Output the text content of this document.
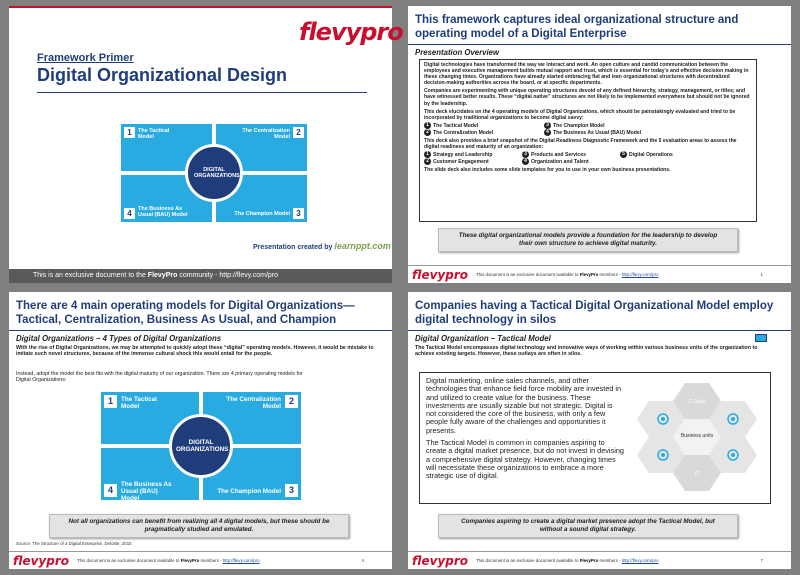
flevypro
Framework Primer
Digital Organizational Design
1	The Tactical Model	2
The Centralization Model
4	The Business As Usual (BAU) Model	3
The Champion Model
DIGITAL ORGANIZATIONS
Presentation created by learnppt.com
This is an exclusive document to the FlevyPro community - http://flevy.com/pro
This framework captures ideal organizational structure and operating model of a Digital Enterprise
Presentation Overview

Digital technologies have transformed the way we interact and work. An open culture and candid communication between the employees and executive management builds mutual rapport and trust, which is essential for today's and effective decision making in these changing times. Organizations have already started embracing flat and lean organizational structures with decentralized decision-making authorities across the board, or at specific departments.

Companies are experimenting with unique operating structures devoid of any defined hierarchy, strategy, management, or titles; and have witnessed better results. These “digital native” structures are not likely to be implemented everywhere but should not be ignored by the leadership.

This deck elucidates on the 4 operating models of Digital Organizations, which should be painstakingly evaluated and tried to be incorporated by traditional organizations to become digital savvy:

1 The Tactical Model	3 The Champion Model
2 The Centralization Model	4 The Business As Usual (BAU) Model

This deck also provides a brief snapshot of the Digital Readiness Diagnostic Framework and the 5 evaluation areas to assess the digital readiness and maturity of an organization:

1 Strategy and Leadership	3 Products and Services	5 Digital Operations
2 Customer Engagement	4 Organization and Talent

The slide deck also includes some slide templates for you to use in your own business presentations.

These digital organizational models provide a foundation for the leadership to develop their own structure to achieve digital maturity.
flevypro This document is an exclusive document available to FlevyPro members - http://flevy.com/pro	1
There are 4 main operating models for Digital Organizations—Tactical, Centralization, Business As Usual, and Champion
Digital Organizations – 4 Types of Digital Organizations
With the rise of Digital Organizations, we may be attempted to quickly adopt these “digital” operating models. However, it would be mistake to imitate such novel structures, because of the immense cultural shock this would entail for the people.
Instead, adopt the model the best fits with the digital maturity of our organization. There are 4 primary operating models for Digital Organizations:
1	The Tactical Model
2
The Centralization Model
4
The Business As Usual (BAU) Model
3
The Champion Model
DIGITAL ORGANIZATIONS
Not all organizations can benefit from realizing all 4 digital models, but these should be pragmatically studied and emulated.
Source: The Structure of a Digital Enterprise, Deloitte, 2015
flevypro This document is an exclusive document available to FlevyPro members - http://flevy.com/pro	4
Companies having a Tactical Digital Organizational Model employ digital technology in silos
Digital Organization – Tactical Model
The Tactical Model encompasses digital technology and innovative ways of working within various business units of the organization to achieve existing targets. However, these outlays are often in silos.

Digital marketing, online sales channels, and other technologies that enhance field force mobility are invested in and utilized to create value for the business. These investments are usually sizable but not strategic. Digital is not considered the core of the business, with only a few people fully aware of the challenges and opportunities it presents.

The Tactical Model is common in companies aspiring to create a digital market presence, but do not invest in devising a comprehensive digital strategy. However, changing times will necessitate these organizations to embrace a more strategic use of digital.

C-Suite
Business units
IT
Companies aspiring to create a digital market presence adopt the Tactical Model, but without a sound digital strategy.
flevypro This document is an exclusive document available to FlevyPro members - http://flevy.com/pro	7
